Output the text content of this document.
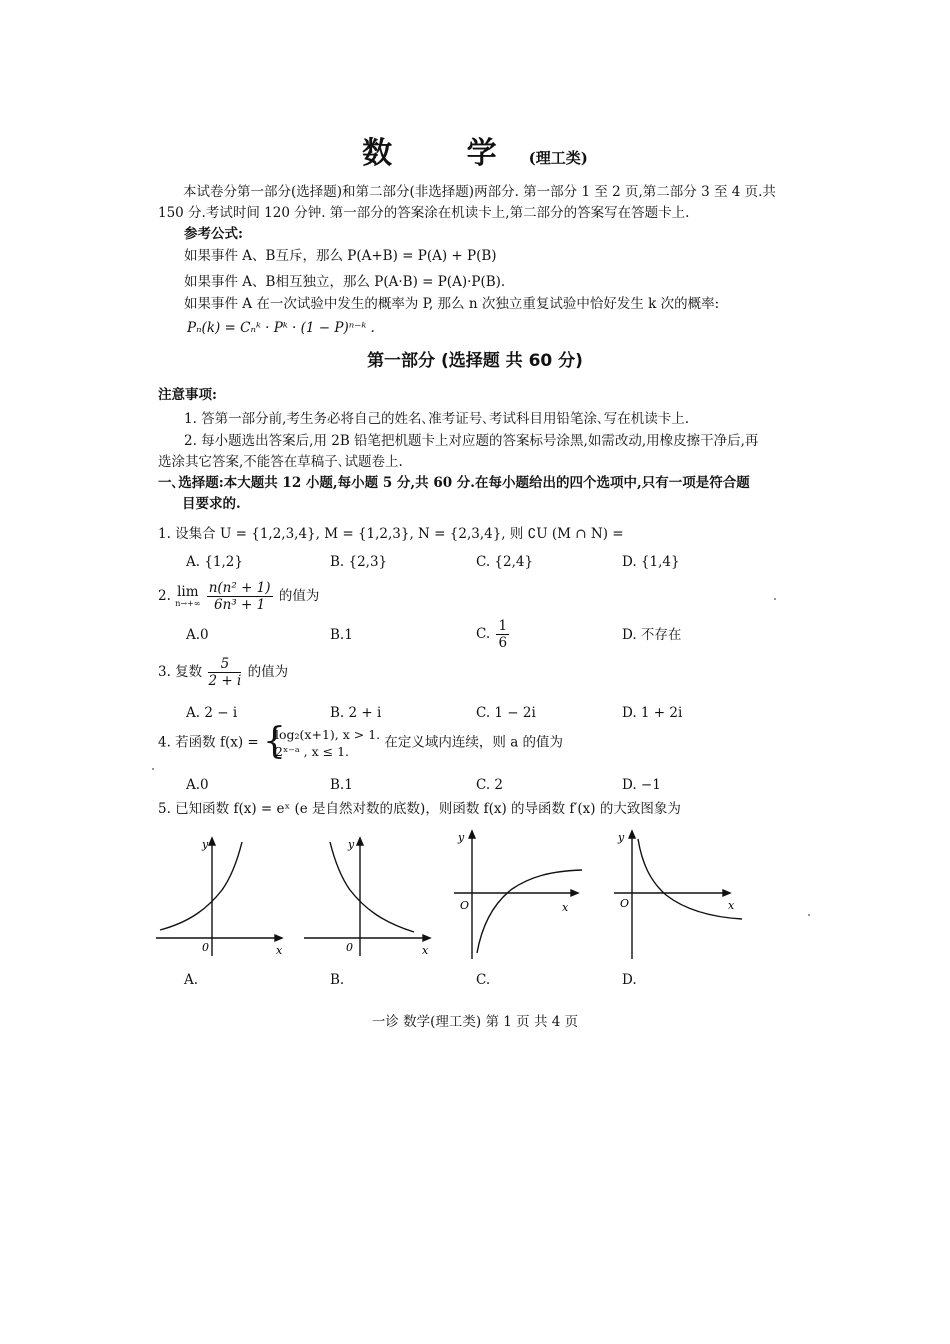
数 学(理工类)
本试卷分第一部分(选择题)和第二部分(非选择题)两部分. 第一部分 1 至 2 页,第二部分 3 至 4 页.共
150 分.考试时间 120 分钟. 第一部分的答案涂在机读卡上,第二部分的答案写在答题卡上.
参考公式:
如果事件 A、B互斥，那么 P(A+B) = P(A) + P(B)
如果事件 A、B相互独立，那么 P(A·B) = P(A)·P(B).
如果事件 A 在一次试验中发生的概率为 P, 那么 n 次独立重复试验中恰好发生 k 次的概率:
Pₙ(k) = Cₙᵏ · Pᵏ · (1 − P)ⁿ⁻ᵏ .
第一部分 (选择题 共 60 分)
注意事项:
1. 答第一部分前,考生务必将自己的姓名､准考证号､考试科目用铅笔涂､写在机读卡上.
2. 每小题选出答案后,用 2B 铅笔把机题卡上对应题的答案标号涂黑,如需改动,用橡皮擦干净后,再
选涂其它答案,不能答在草稿子､试题卷上.
一､选择题:本大题共 12 小题,每小题 5 分,共 60 分.在每小题给出的四个选项中,只有一项是符合题
目要求的.
1. 设集合 U = {1,2,3,4}, M = {1,2,3}, N = {2,3,4}, 则 ∁U (M ∩ N) =
A. {1,2}	B. {2,3}	C. {2,4}	D. {1,4}
2. lim
n→+∞
$\frac{\text{n(n² + 1)}}{\text{6n³ + 1}}$ 的值为
A.0	B.1	C. $\frac{1}{6}$	D. 不存在
3. 复数 $\frac{5}{2 + i}$ 的值为
A. 2 − i	B. 2 + i	C. 1 − 2i	D. 1 + 2i
4. 若函数 f(x) = {
log₂(x+1), x > 1.
2ˣ⁻ᵃ , x ≤ 1.
在定义域内连续，则 a 的值为
A.0	B.1	C. 2	D. −1
5. 已知函数 f(x) = eˣ (e 是自然对数的底数)，则函数 f(x) 的导函数 f′(x) 的大致图象为
0	x
y
0	x
y
O	x
y
O	x
y
A.	B.	C.	D.
一诊 数学(理工类) 第 1 页 共 4 页
